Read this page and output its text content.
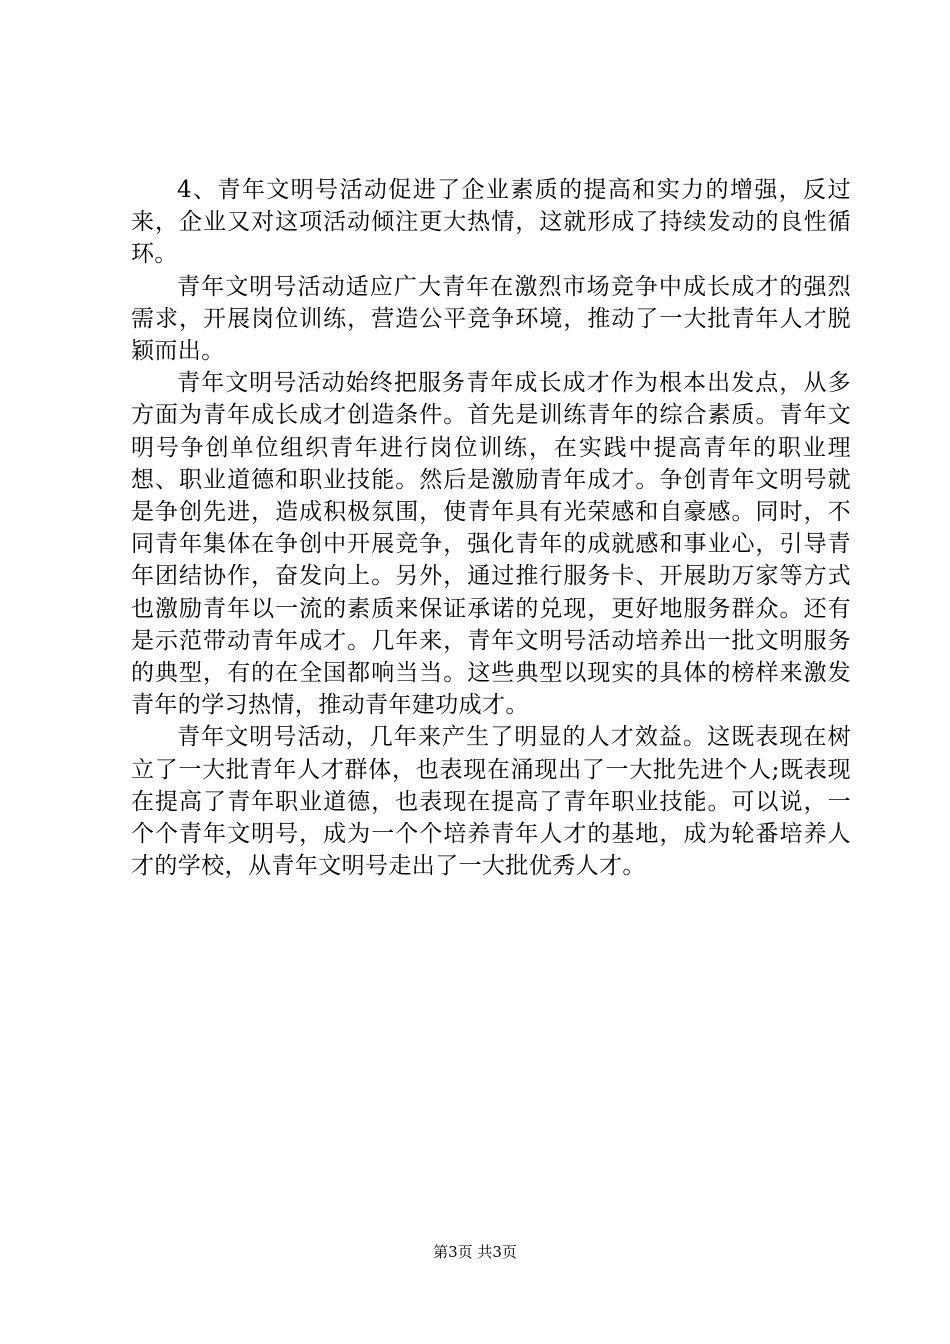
4、青年文明号活动促进了企业素质的提高和实力的增强，反过来，企业又对这项活动倾注更大热情，这就形成了持续发动的良性循环。

青年文明号活动适应广大青年在激烈市场竞争中成长成才的强烈需求，开展岗位训练，营造公平竞争环境，推动了一大批青年人才脱颖而出。

青年文明号活动始终把服务青年成长成才作为根本出发点，从多方面为青年成长成才创造条件。首先是训练青年的综合素质。青年文明号争创单位组织青年进行岗位训练，在实践中提高青年的职业理想、职业道德和职业技能。然后是激励青年成才。争创青年文明号就是争创先进，造成积极氛围，使青年具有光荣感和自豪感。同时，不同青年集体在争创中开展竞争，强化青年的成就感和事业心，引导青年团结协作，奋发向上。另外，通过推行服务卡、开展助万家等方式也激励青年以一流的素质来保证承诺的兑现，更好地服务群众。还有是示范带动青年成才。几年来，青年文明号活动培养出一批文明服务的典型，有的在全国都响当当。这些典型以现实的具体的榜样来激发青年的学习热情，推动青年建功成才。

青年文明号活动，几年来产生了明显的人才效益。这既表现在树立了一大批青年人才群体，也表现在涌现出了一大批先进个人;既表现在提高了青年职业道德，也表现在提高了青年职业技能。可以说，一个个青年文明号，成为一个个培养青年人才的基地，成为轮番培养人才的学校，从青年文明号走出了一大批优秀人才。

第3页 共3页
